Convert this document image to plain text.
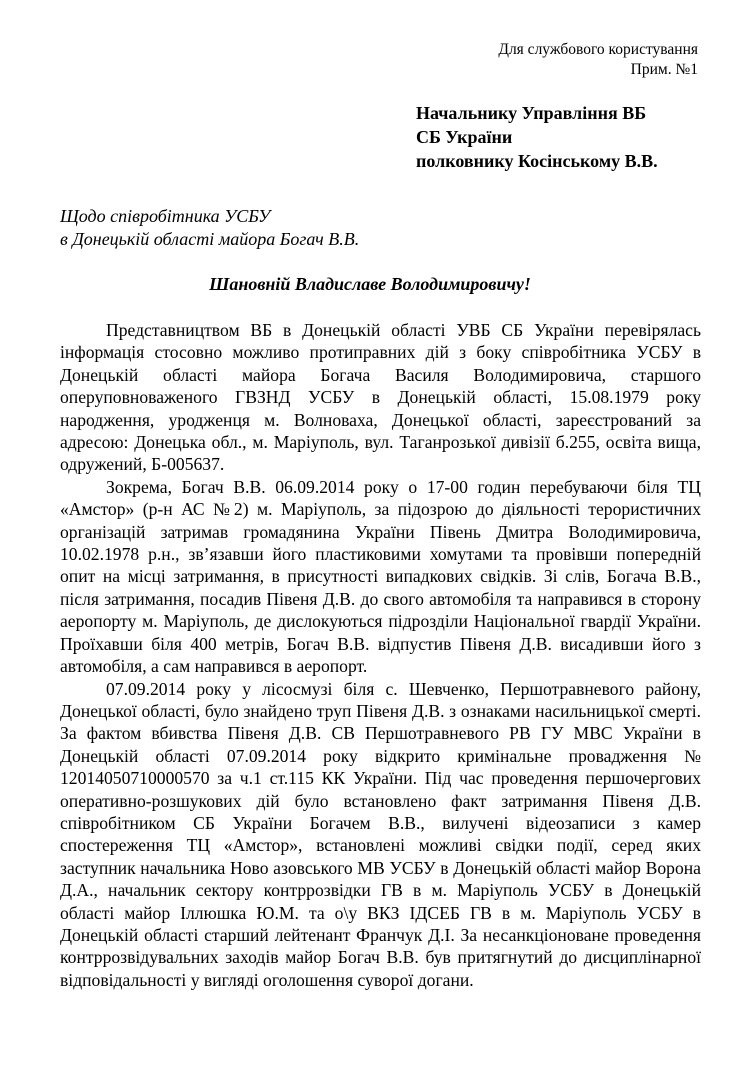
Для службового користування
Прим. №1
Начальнику Управління ВБ
СБ України
полковнику Косінському В.В.
Щодо співробітника УСБУ
в Донецькій області майора Богач В.В.
Шановній Владиславе Володимировичу!

Представництвом ВБ в Донецькій області УВБ СБ України перевірялась інформація стосовно можливо протиправних дій з боку співробітника УСБУ в Донецькій області майора Богача Василя Володимировича, старшого оперуповноваженого ГВЗНД УСБУ в Донецькій області, 15.08.1979 року народження, уродженця м. Волноваха, Донецької області, зареєстрований за адресою: Донецька обл., м. Маріуполь, вул. Таганрозької дивізії б.255, освіта вища, одружений, Б-005637.

Зокрема, Богач В.В. 06.09.2014 року о 17-00 годин перебуваючи біля ТЦ «Амстор» (р-н АС №2) м. Маріуполь, за підозрою до діяльності терористичних організацій затримав громадянина України Півень Дмитра Володимировича, 10.02.1978 р.н., зв’язавши його пластиковими хомутами та провівши попередній опит на місці затримання, в присутності випадкових свідків. Зі слів, Богача В.В., після затримання, посадив Півеня Д.В. до свого автомобіля та направився в сторону аеропорту м. Маріуполь, де дислокуються підрозділи Національної гвардії України. Проїхавши біля 400 метрів, Богач В.В. відпустив Півеня Д.В. висадивши його з автомобіля, а сам направився в аеропорт.

07.09.2014 року у лісосмузі біля с. Шевченко, Першотравневого району, Донецької області, було знайдено труп Півеня Д.В. з ознаками насильницької смерті. За фактом вбивства Півеня Д.В. СВ Першотравневого РВ ГУ МВС України в Донецькій області 07.09.2014 року відкрито кримінальне провадження № 12014050710000570 за ч.1 ст.115 КК України. Під час проведення першочергових оперативно-розшукових дій було встановлено факт затримання Півеня Д.В. співробітником СБ України Богачем В.В., вилучені відеозаписи з камер спостереження ТЦ «Амстор», встановлені можливі свідки події, серед яких заступник начальника Ново азовського МВ УСБУ в Донецькій області майор Ворона Д.А., начальник сектору контррозвідки ГВ в м. Маріуполь УСБУ в Донецькій області майор Іллюшка Ю.М. та о\у ВКЗ ІДСЕБ ГВ в м. Маріуполь УСБУ в Донецькій області старший лейтенант Франчук Д.І. За несанкціоноване проведення контррозвідувальних заходів майор Богач В.В. був притягнутий до дисциплінарної відповідальності у вигляді оголошення суворої догани.
